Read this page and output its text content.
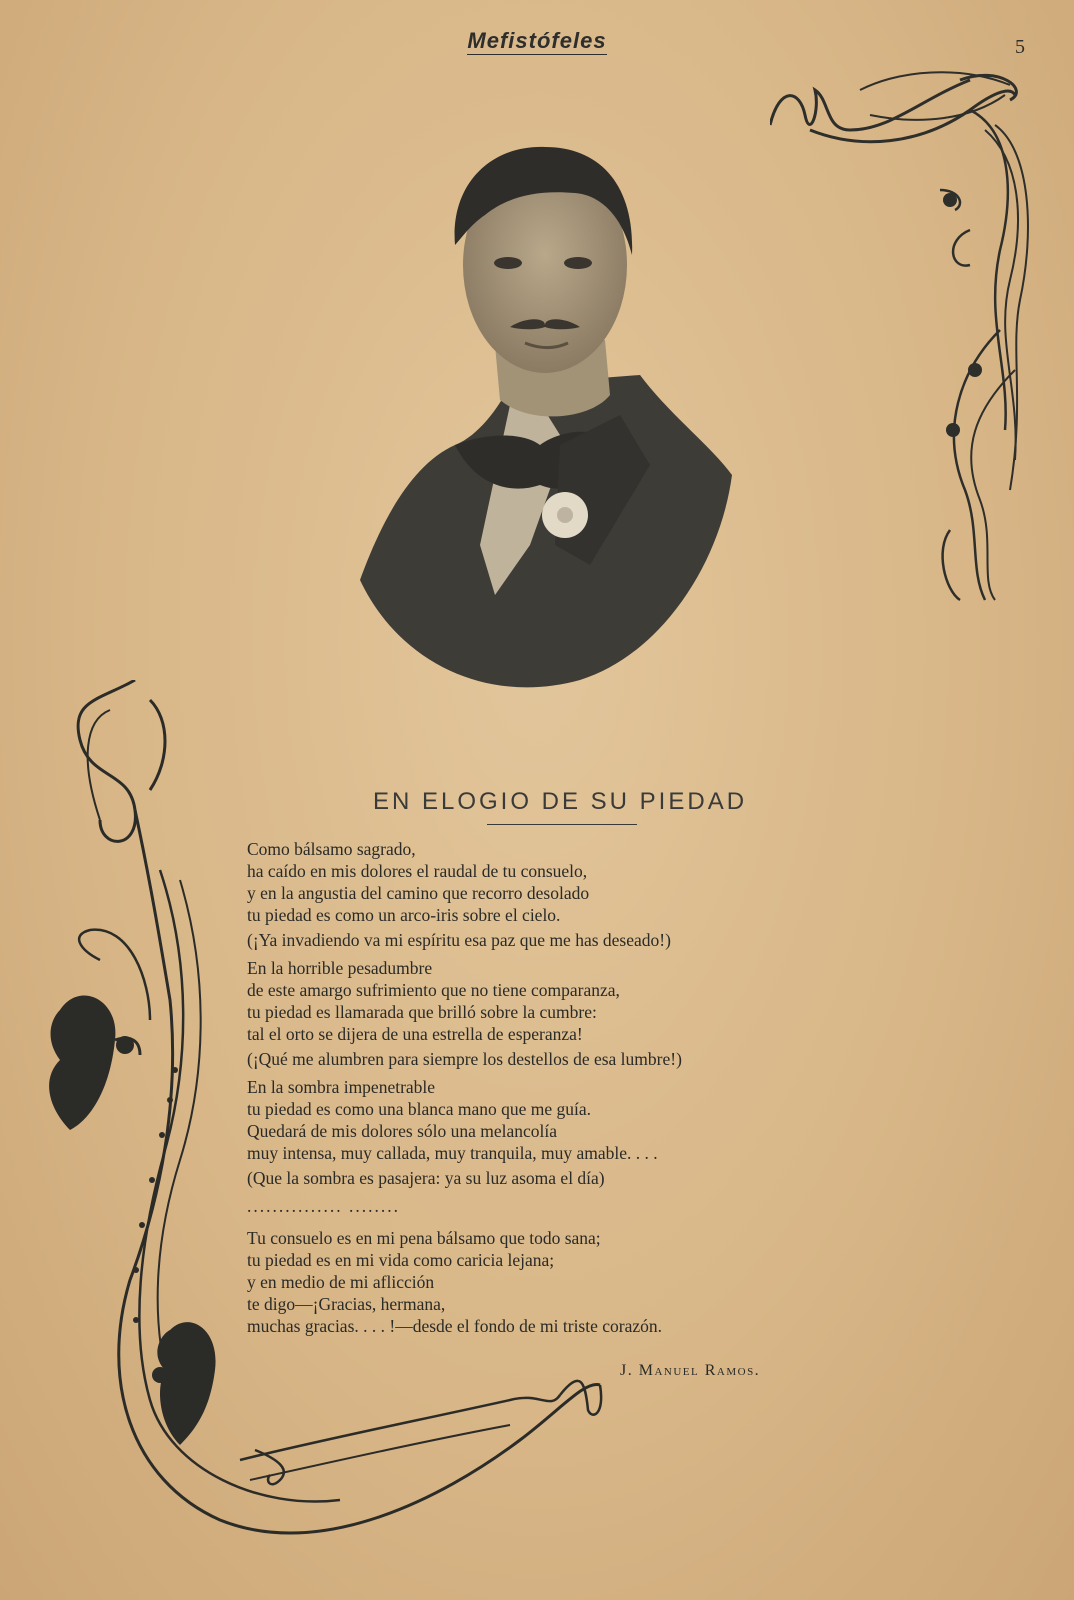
Mefistófeles	5
EN ELOGIO DE SU PIEDAD
Como bálsamo sagrado,
ha caído en mis dolores el raudal de tu consuelo,
y en la angustia del camino que recorro desolado
tu piedad es como un arco-iris sobre el cielo.
(¡Ya invadiendo va mi espíritu esa paz que me has deseado!)
En la horrible pesadumbre
de este amargo sufrimiento que no tiene comparanza,
tu piedad es llamarada que brilló sobre la cumbre:
tal el orto se dijera de una estrella de esperanza!
(¡Qué me alumbren para siempre los destellos de esa lumbre!)
En la sombra impenetrable
tu piedad es como una blanca mano que me guía.
Quedará de mis dolores sólo una melancolía
muy intensa, muy callada, muy tranquila, muy amable. . . .
(Que la sombra es pasajera: ya su luz asoma el día)
............... ........
Tu consuelo es en mi pena bálsamo que todo sana;
tu piedad es en mi vida como caricia lejana;
y en medio de mi aflicción
te digo—¡Gracias, hermana,
muchas gracias. . . . !—desde el fondo de mi triste corazón.
J. Manuel Ramos.
